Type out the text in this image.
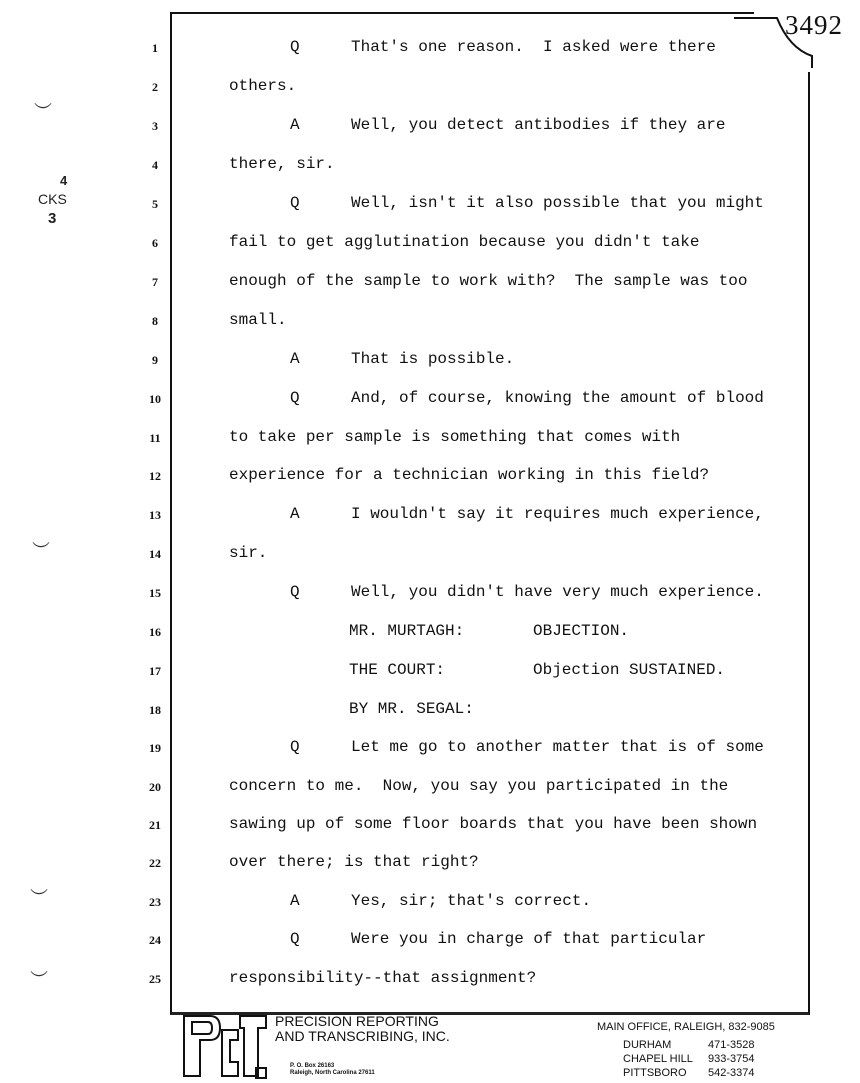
3492
4
CKS
3
︶
︶
︶
︶
1	Q	That's one reason.  I asked were there
2	others.
3	A	Well, you detect antibodies if they are
4	there, sir.
5	Q	Well, isn't it also possible that you might
6	fail to get agglutination because you didn't take
7	enough of the sample to work with?  The sample was too
8	small.
9	A	That is possible.
10	Q	And, of course, knowing the amount of blood
11	to take per sample is something that comes with
12	experience for a technician working in this field?
13	A	I wouldn't say it requires much experience,
14	sir.
15	Q	Well, you didn't have very much experience.
16	MR. MURTAGH:	OBJECTION.
17	THE COURT:	Objection SUSTAINED.
18	BY MR. SEGAL:
19	Q	Let me go to another matter that is of some
20	concern to me.  Now, you say you participated in the
21	sawing up of some floor boards that you have been shown
22	over there; is that right?
23	A	Yes, sir; that's correct.
24	Q	Were you in charge of that particular
25	responsibility--that assignment?
PRECISION REPORTING
AND TRANSCRIBING, INC.
P. O. Box 26163
Raleigh, North Carolina 27611
MAIN OFFICE, RALEIGH, 832-9085
DURHAM	471-3528
CHAPEL HILL 933-3754
PITTSBORO 542-3374
